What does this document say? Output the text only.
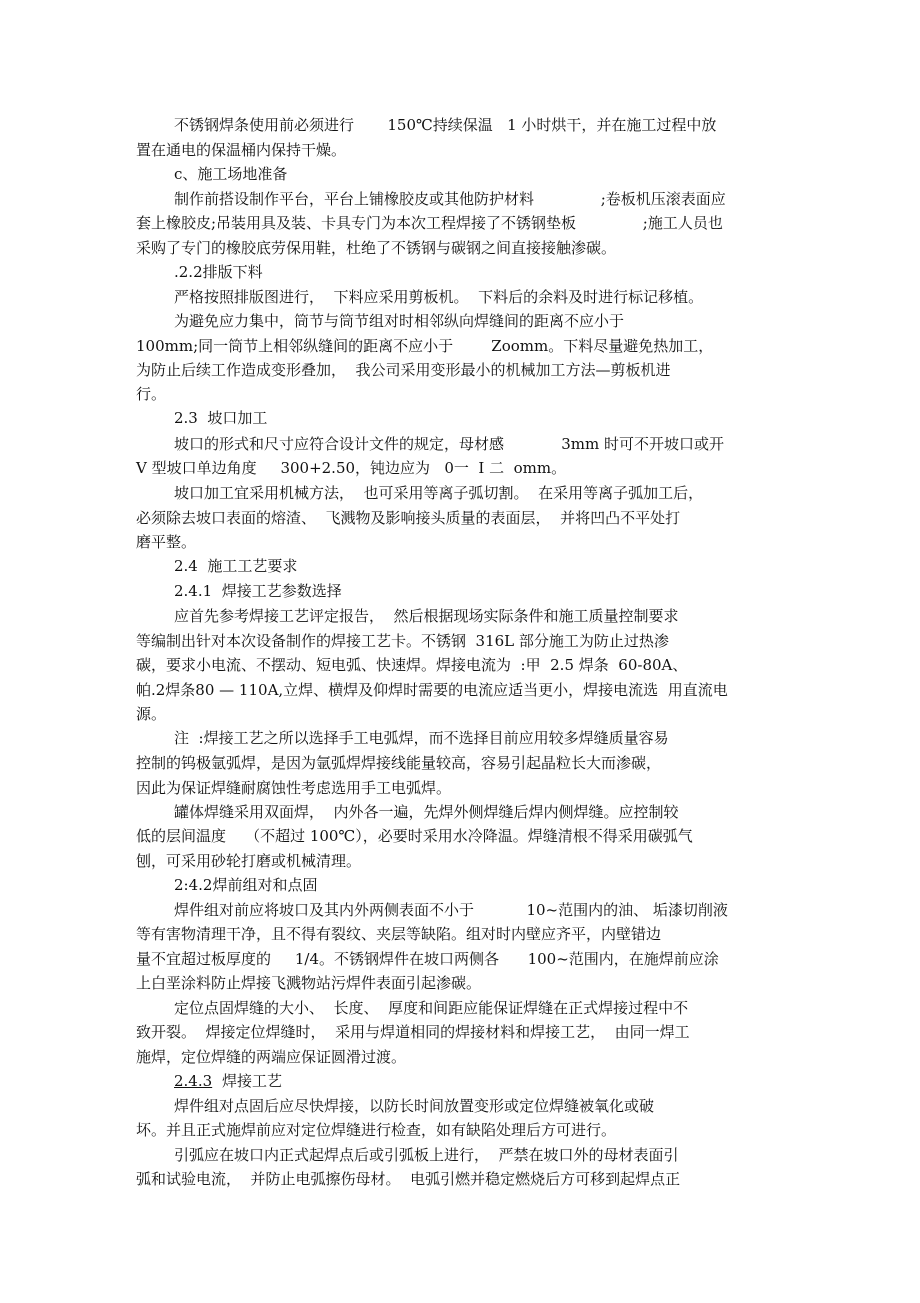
不锈钢焊条使用前必须进行       150℃持续保温   1 小时烘干，并在施工过程中放

置在通电的保温桶内保持干燥。

c、施工场地准备

制作前搭设制作平台，平台上铺橡胶皮或其他防护材料              ;卷板机压滚表面应

套上橡胶皮;吊装用具及装、卡具专门为本次工程焊接了不锈钢垫板              ;施工人员也

采购了专门的橡胶底劳保用鞋，杜绝了不锈钢与碳钢之间直接接触渗碳。

.2.2排版下料

严格按照排版图进行，  下料应采用剪板机。  下料后的余料及时进行标记移植。

为避免应力集中，筒节与筒节组对时相邻纵向焊缝间的距离不应小于

100mm;同一筒节上相邻纵缝间的距离不应小于        Zoomm。下料尽量避免热加工，

为防止后续工作造成变形叠加，  我公司采用变形最小的机械加工方法—剪板机进

行。

2.3  坡口加工

坡口的形式和尺寸应符合设计文件的规定，母材感            3mm 时可不开坡口或开

V 型坡口单边角度     300+2.50，钝边应为   0一  I 二  omm。

坡口加工宜采用机械方法，  也可采用等离子弧切割。  在采用等离子弧加工后，

必须除去坡口表面的熔渣、  飞溅物及影响接头质量的表面层，  并将凹凸不平处打

磨平整。

2.4  施工工艺要求

2.4.1  焊接工艺参数选择

应首先参考焊接工艺评定报告，  然后根据现场实际条件和施工质量控制要求

等编制出针对本次设备制作的焊接工艺卡。不锈钢  316L 部分施工为防止过热渗

碳，要求小电流、不摆动、短电弧、快速焊。焊接电流为  :甲  2.5 焊条  60-80A、

帕.2焊条80 — 110A,立焊、横焊及仰焊时需要的电流应适当更小，焊接电流选  用直流电

源。

注  :焊接工艺之所以选择手工电弧焊，而不选择目前应用较多焊缝质量容易

控制的钨极氩弧焊，是因为氩弧焊焊接线能量较高，容易引起晶粒长大而渗碳，

因此为保证焊缝耐腐蚀性考虑选用手工电弧焊。

罐体焊缝采用双面焊，  内外各一遍，先焊外侧焊缝后焊内侧焊缝。应控制较

低的层间温度    （不超过 100℃），必要时采用水冷降温。焊缝清根不得采用碳弧气

刨，可采用砂轮打磨或机械清理。

2:4.2焊前组对和点固

焊件组对前应将坡口及其内外两侧表面不小于           10~范围内的油、 垢漆切削液

等有害物清理干净，且不得有裂纹、夹层等缺陷。组对时内壁应齐平，内壁错边

量不宜超过板厚度的     1/4。不锈钢焊件在坡口两侧各      100~范围内，在施焊前应涂

上白垩涂料防止焊接飞溅物站污焊件表面引起渗碳。

定位点固焊缝的大小、  长度、  厚度和间距应能保证焊缝在正式焊接过程中不

致开裂。  焊接定位焊缝时，  采用与焊道相同的焊接材料和焊接工艺，  由同一焊工

施焊，定位焊缝的两端应保证圆滑过渡。

2.4.3 焊接工艺

焊件组对点固后应尽快焊接，以防长时间放置变形或定位焊缝被氧化或破

坏。并且正式施焊前应对定位焊缝进行检查，如有缺陷处理后方可进行。

引弧应在坡口内正式起焊点后或引弧板上进行，  严禁在坡口外的母材表面引

弧和试验电流，  并防止电弧擦伤母材。  电弧引燃并稳定燃烧后方可移到起焊点正
